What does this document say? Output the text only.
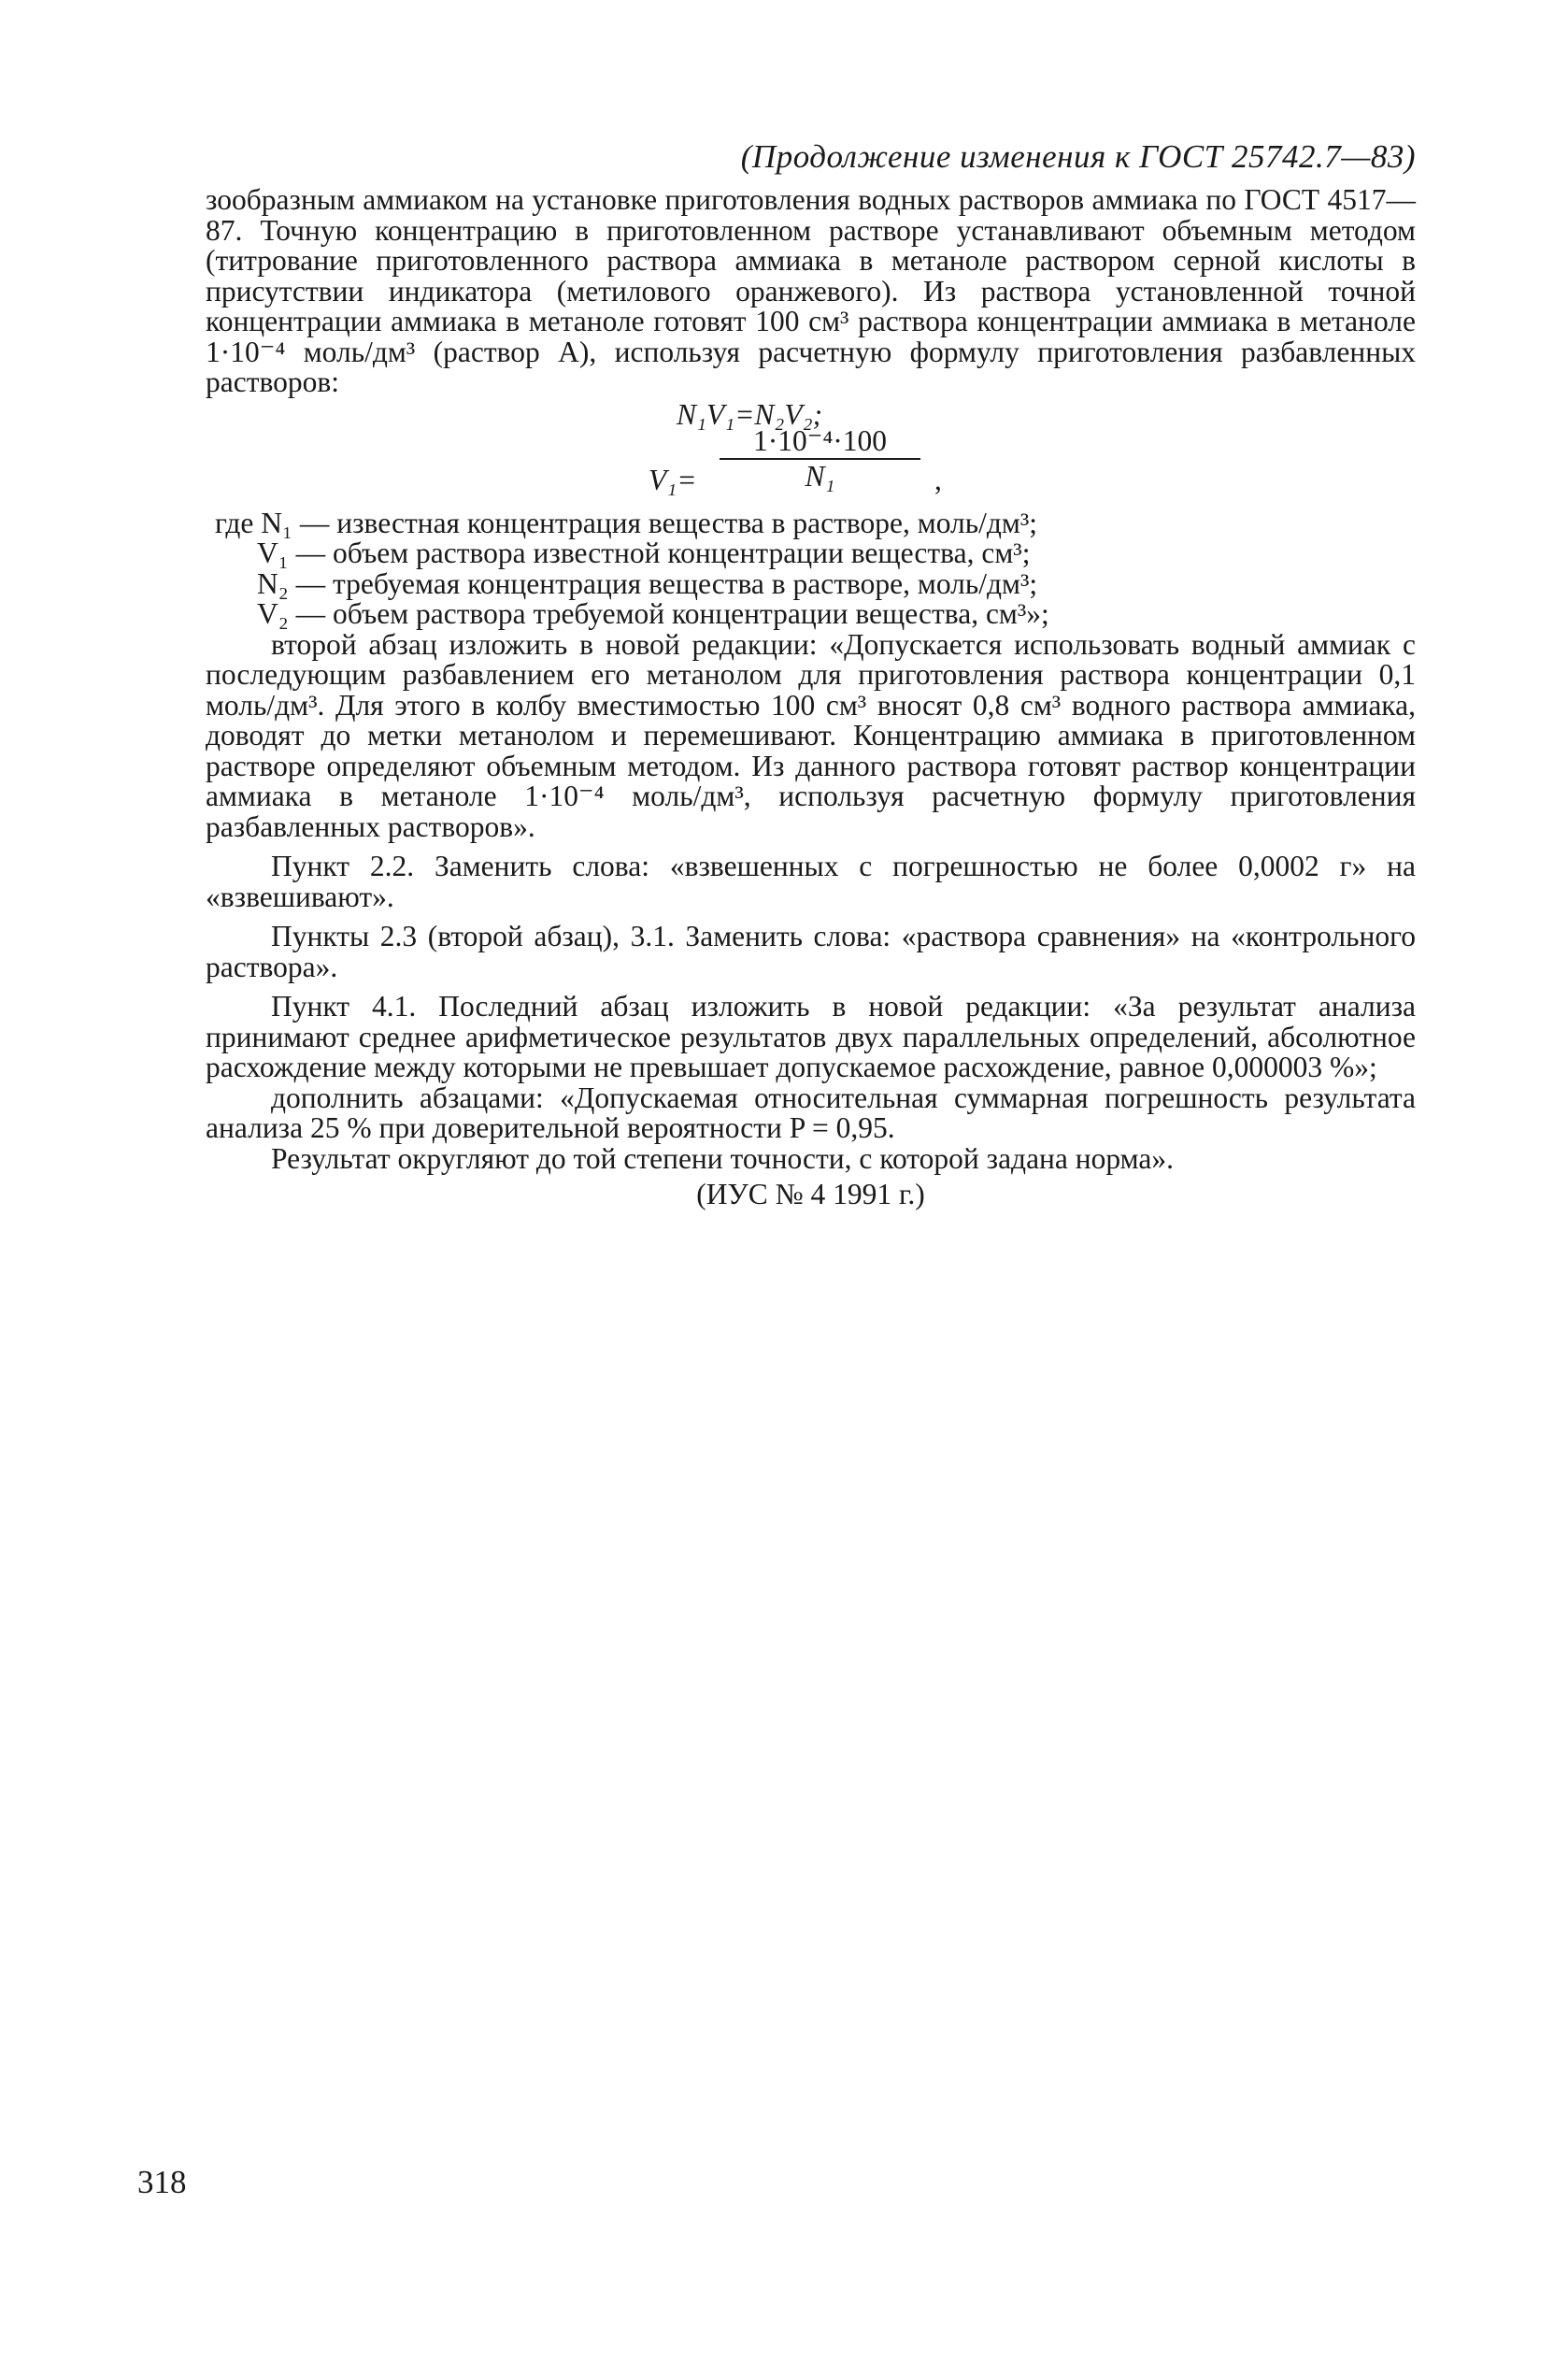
(Продолжение изменения к ГОСТ 25742.7—83)

зообразным аммиаком на установке приготовления водных растворов аммиака по ГОСТ 4517—87. Точную концентрацию в приготовленном растворе устанавливают объемным методом (титрование приготовленного раствора аммиака в метаноле раствором серной кислоты в присутствии индикатора (метилового оранжевого). Из раствора установленной точной концентрации аммиака в метаноле готовят 100 см³ раствора концентрации аммиака в метаноле 1·10⁻⁴ моль/дм³ (раствор А), используя расчетную формулу приготовления разбавленных растворов:

N₁V₁=N₂V₂;
$V_1= \frac{\text{1·10⁻⁴·100}}{\text{N₁}}$ ,

где N₁ — известная концентрация вещества в растворе, моль/дм³;

V₁ — объем раствора известной концентрации вещества, см³;

N₂ — требуемая концентрация вещества в растворе, моль/дм³;

V₂ — объем раствора требуемой концентрации вещества, см³»;

второй абзац изложить в новой редакции: «Допускается использовать водный аммиак с последующим разбавлением его метанолом для приготовления раствора концентрации 0,1 моль/дм³. Для этого в колбу вместимостью 100 см³ вносят 0,8 см³ водного раствора аммиака, доводят до метки метанолом и перемешивают. Концентрацию аммиака в приготовленном растворе определяют объемным методом. Из данного раствора готовят раствор концентрации аммиака в метаноле 1·10⁻⁴ моль/дм³, используя расчетную формулу приготовления разбавленных растворов».

Пункт 2.2. Заменить слова: «взвешенных с погрешностью не более 0,0002 г» на «взвешивают».

Пункты 2.3 (второй абзац), 3.1. Заменить слова: «раствора сравнения» на «контрольного раствора».

Пункт 4.1. Последний абзац изложить в новой редакции: «За результат анализа принимают среднее арифметическое результатов двух параллельных определений, абсолютное расхождение между которыми не превышает допускаемое расхождение, равное 0,000003 %»;

дополнить абзацами: «Допускаемая относительная суммарная погрешность результата анализа 25 % при доверительной вероятности P = 0,95.

Результат округляют до той степени точности, с которой задана норма».

(ИУС № 4 1991 г.)

318
